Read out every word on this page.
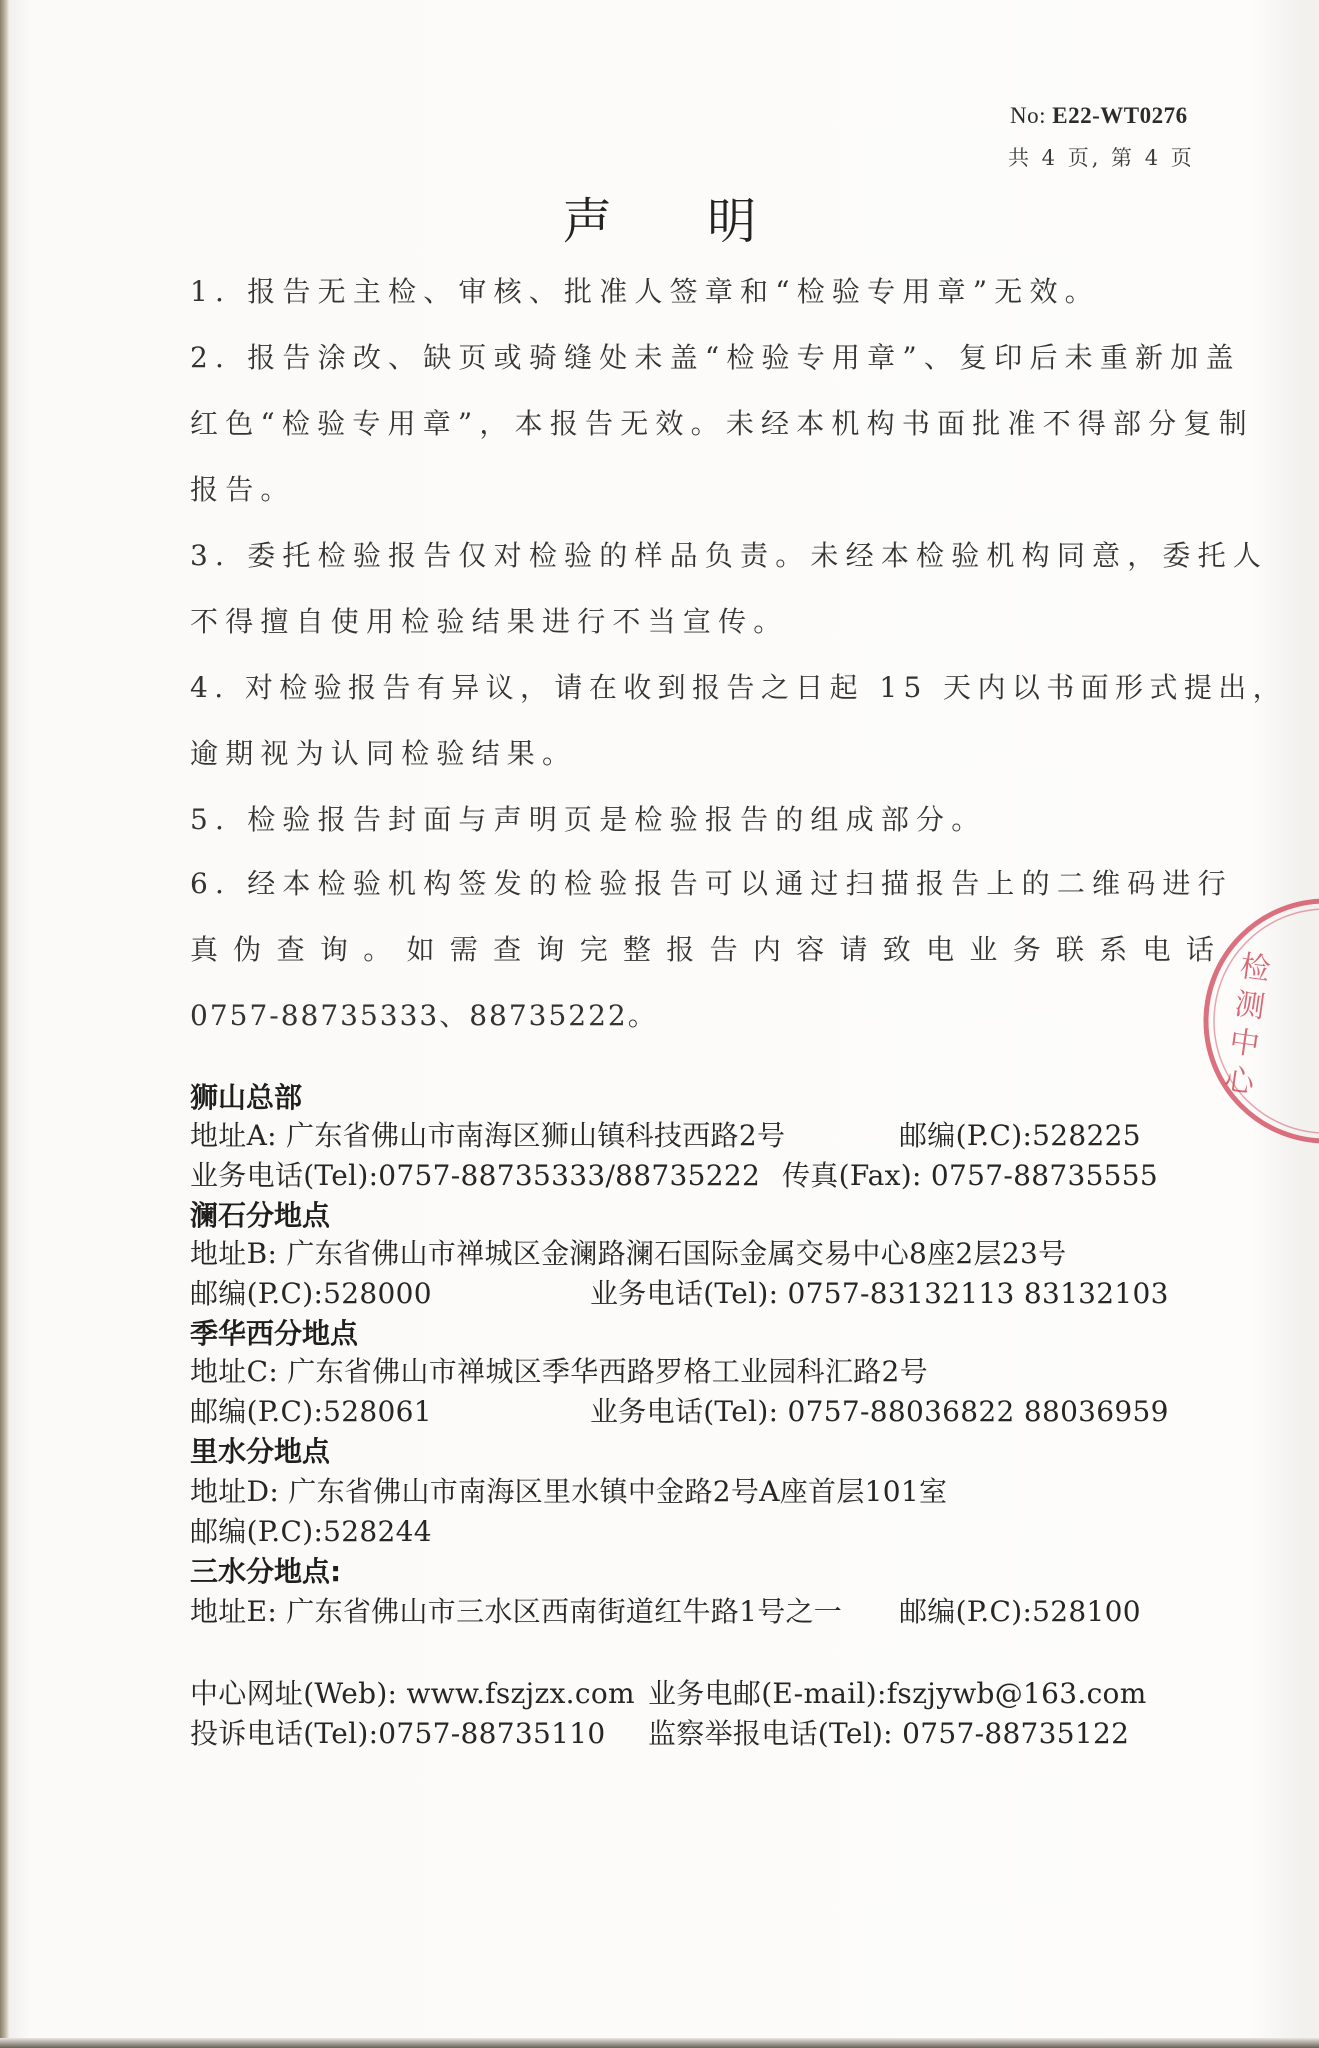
No: E22-WT0276
共 4 页, 第 4 页
声 明
1. 报告无主检、审核、批准人签章和“检验专用章”无效。
2. 报告涂改、缺页或骑缝处未盖“检验专用章”、复印后未重新加盖
红色“检验专用章”，本报告无效。未经本机构书面批准不得部分复制
报告。
3. 委托检验报告仅对检验的样品负责。未经本检验机构同意，委托人
不得擅自使用检验结果进行不当宣传。
4. 对检验报告有异议，请在收到报告之日起 15 天内以书面形式提出，
逾期视为认同检验结果。
5. 检验报告封面与声明页是检验报告的组成部分。
6. 经本检验机构签发的检验报告可以通过扫描报告上的二维码进行
真 伪 查 询 。 如 需 查 询 完 整 报 告 内 容 请 致 电 业 务 联 系 电 话
0757-88735333、88735222。
狮山总部
地址A: 广东省佛山市南海区狮山镇科技西路2号	邮编(P.C):528225
业务电话(Tel):0757-88735333/88735222 传真(Fax): 0757-88735555
澜石分地点
地址B: 广东省佛山市禅城区金澜路澜石国际金属交易中心8座2层23号
邮编(P.C):528000	业务电话(Tel): 0757-83132113 83132103
季华西分地点
地址C: 广东省佛山市禅城区季华西路罗格工业园科汇路2号
邮编(P.C):528061	业务电话(Tel): 0757-88036822 88036959
里水分地点
地址D: 广东省佛山市南海区里水镇中金路2号A座首层101室
邮编(P.C):528244
三水分地点:
地址E: 广东省佛山市三水区西南街道红牛路1号之一 邮编(P.C):528100
中心网址(Web): www.fszjzx.com 业务电邮(E-mail):fszjywb@163.com
投诉电话(Tel):0757-88735110 监察举报电话(Tel): 0757-88735122
检
测
中
心
